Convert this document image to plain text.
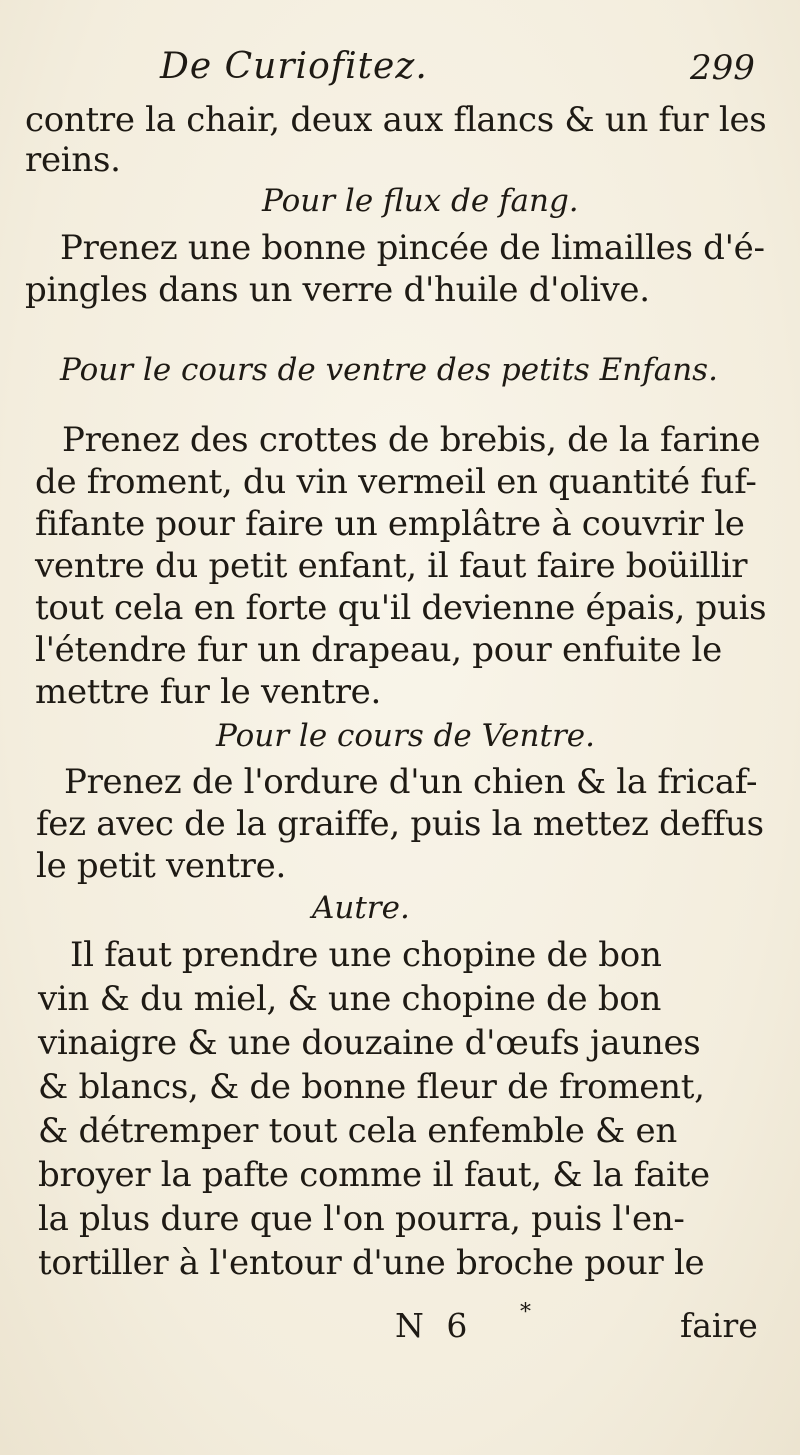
De Curiofitez.	299
contre la chair, deux aux flancs & un fur les
reins.
Pour le flux de fang.
Prenez une bonne pincée de limailles d'é-
pingles dans un verre d'huile d'olive.
Pour le cours de ventre des petits Enfans.
Prenez des crottes de brebis, de la farine
de froment, du vin vermeil en quantité fuf-
fifante pour faire un emplâtre à couvrir le
ventre du petit enfant, il faut faire boüillir
tout cela en forte qu'il devienne épais, puis
l'étendre fur un drapeau, pour enfuite le
mettre fur le ventre.
Pour le cours de Ventre.
Prenez de l'ordure d'un chien & la fricaf-
fez avec de la graiffe, puis la mettez deffus
le petit ventre.
Autre.
Il faut prendre une chopine de bon
vin & du miel, & une chopine de bon
vinaigre & une douzaine d'œufs jaunes
& blancs, & de bonne fleur de froment,
& détremper tout cela enfemble & en
broyer la pafte comme il faut, & la faite
la plus dure que l'on pourra, puis l'en-
tortiller à l'entour d'une broche pour le
N 6 *	faire
